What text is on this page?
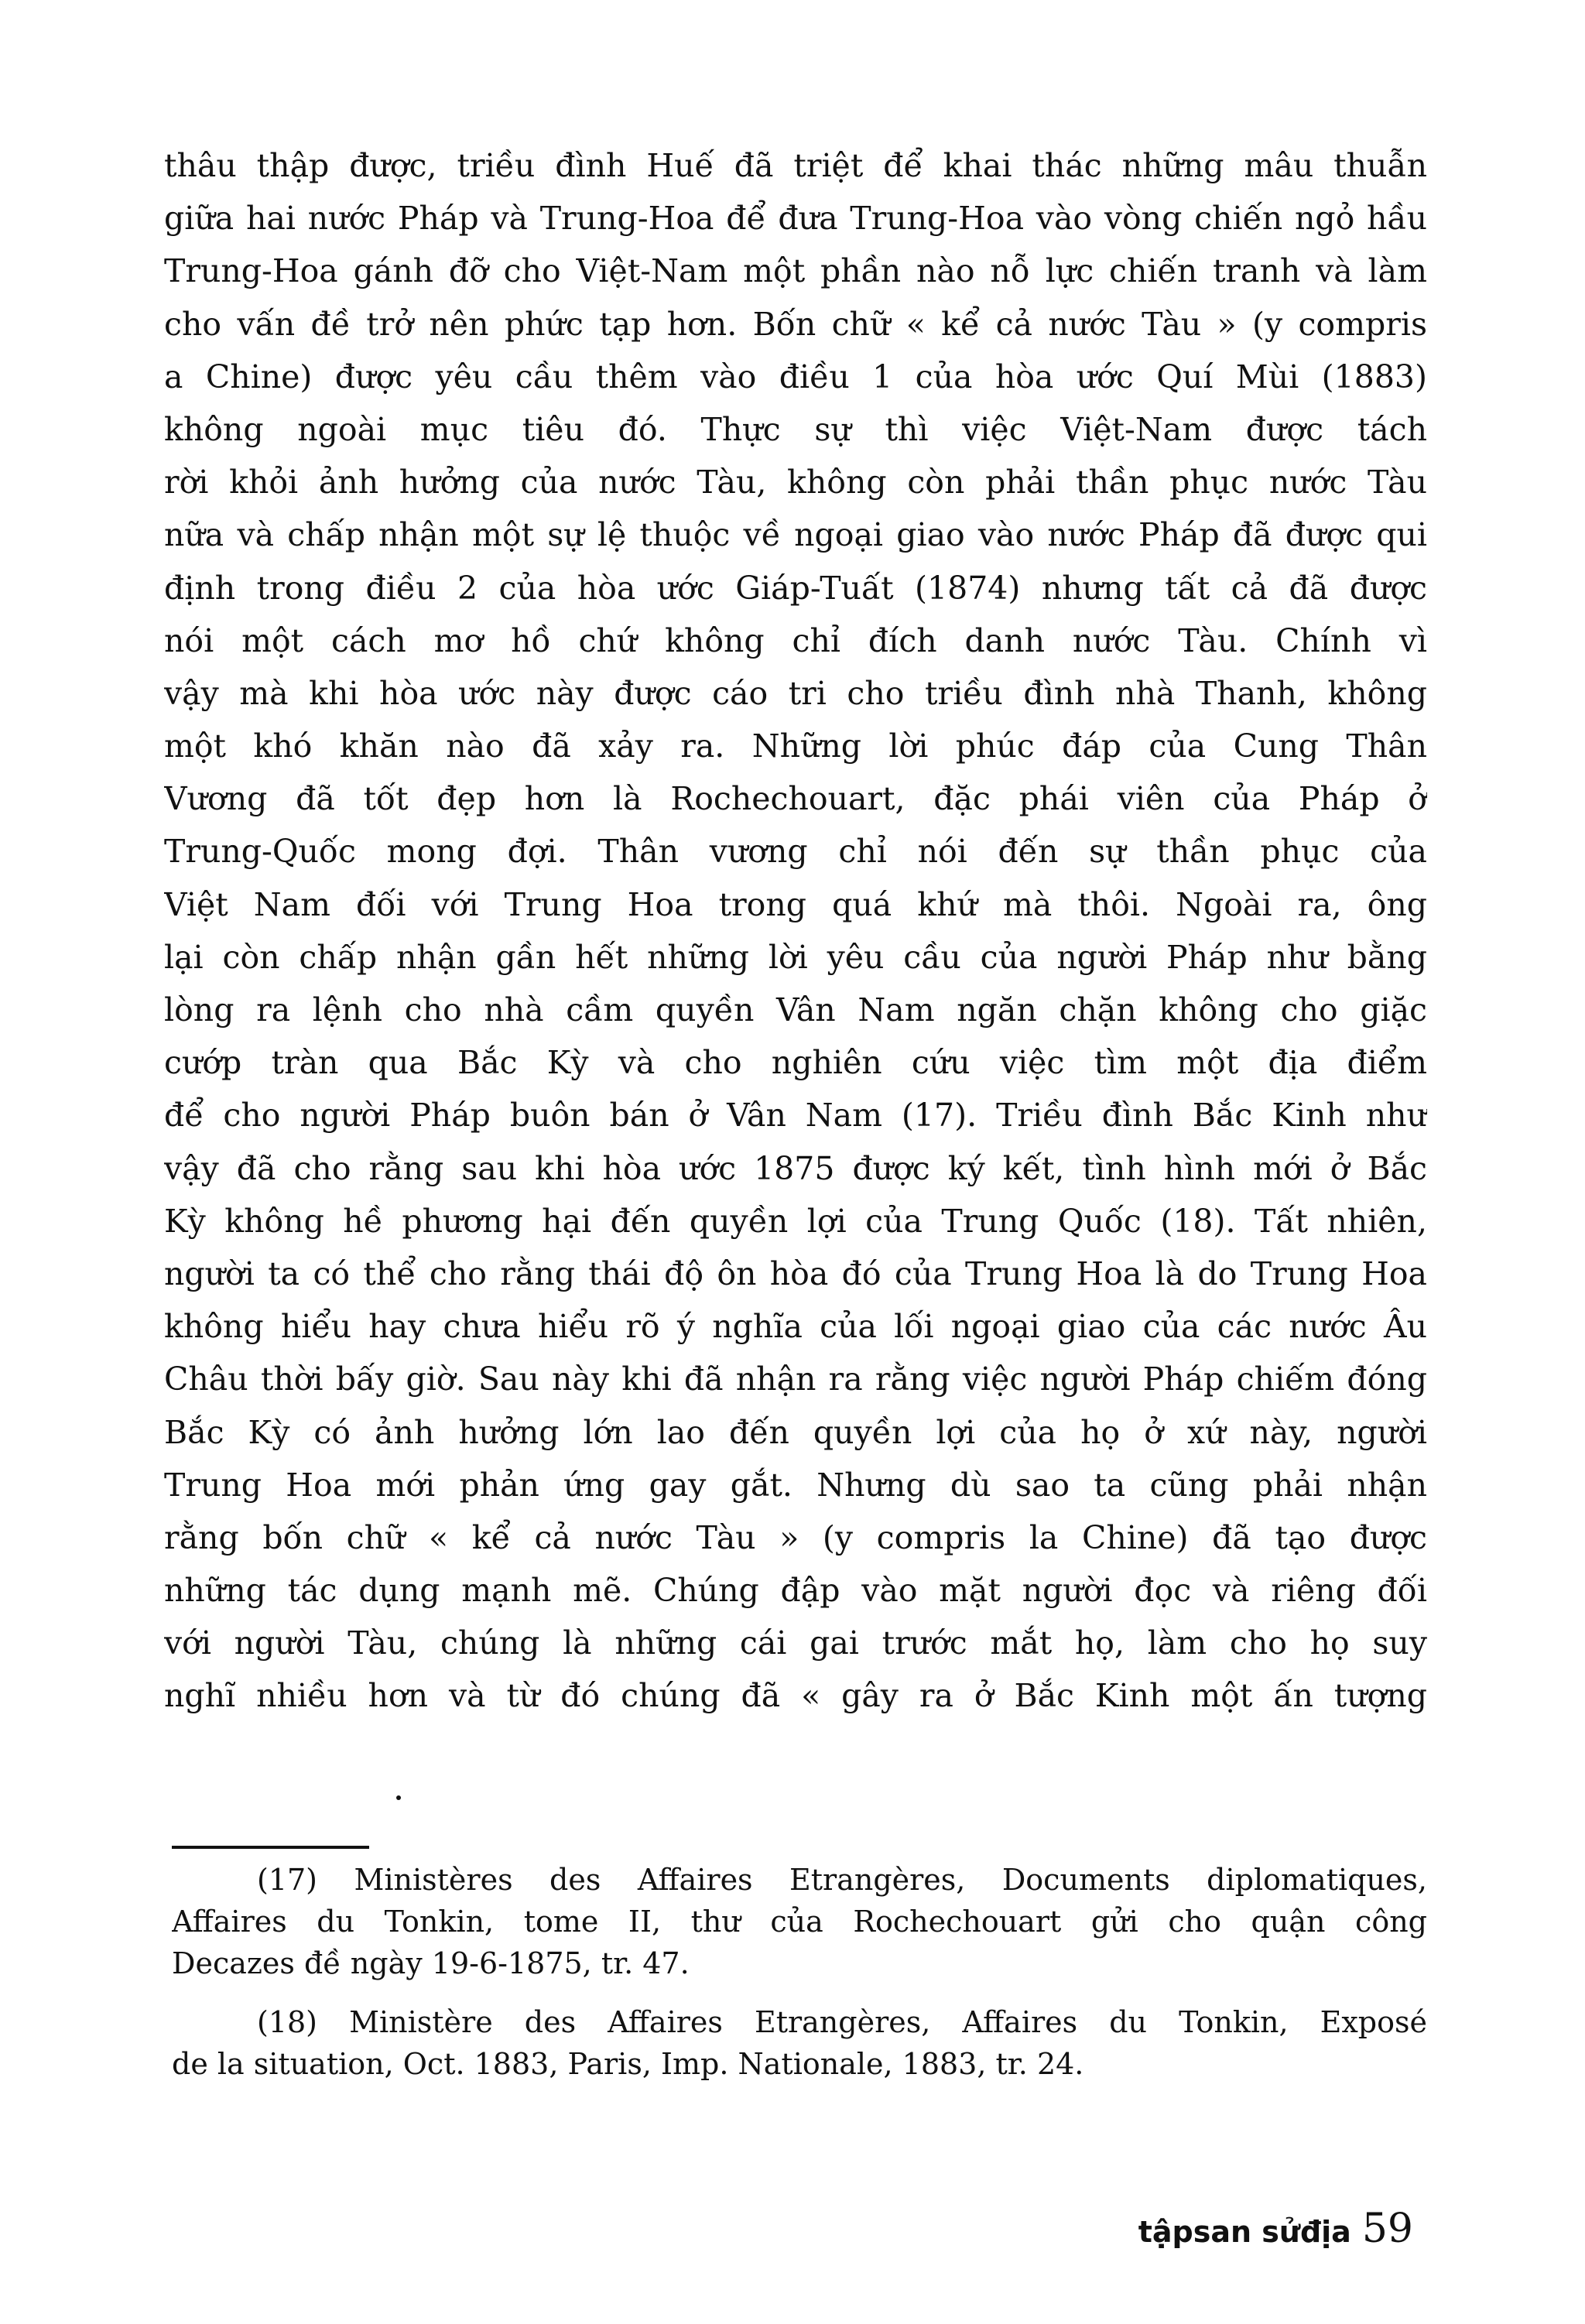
thâu thập được, triều đình Huế đã triệt để khai thác những mâu thuẫn
giữa hai nước Pháp và Trung-Hoa để đưa Trung-Hoa vào vòng chiến ngỏ hầu
Trung-Hoa gánh đỡ cho Việt-Nam một phần nào nỗ lực chiến tranh và làm
cho vấn đề trở nên phức tạp hơn. Bốn chữ « kể cả nước Tàu » (y compris
a Chine) được yêu cầu thêm vào điều 1 của hòa ước Quí Mùi (1883)
không ngoài mục tiêu đó. Thực sự thì việc Việt-Nam được tách
rời khỏi ảnh hưởng của nước Tàu, không còn phải thần phục nước Tàu
nữa và chấp nhận một sự lệ thuộc về ngoại giao vào nước Pháp đã được qui
định trong điều 2 của hòa ước Giáp-Tuất (1874) nhưng tất cả đã được
nói một cách mơ hồ chứ không chỉ đích danh nước Tàu. Chính vì
vậy mà khi hòa ước này được cáo tri cho triều đình nhà Thanh, không
một khó khăn nào đã xảy ra. Những lời phúc đáp của Cung Thân
Vương đã tốt đẹp hơn là Rochechouart, đặc phái viên của Pháp ở
Trung-Quốc mong đợi. Thân vương chỉ nói đến sự thần phục của
Việt Nam đối với Trung Hoa trong quá khứ mà thôi. Ngoài ra, ông
lại còn chấp nhận gần hết những lời yêu cầu của người Pháp như bằng
lòng ra lệnh cho nhà cầm quyền Vân Nam ngăn chặn không cho giặc
cướp tràn qua Bắc Kỳ và cho nghiên cứu việc tìm một địa điểm
để cho người Pháp buôn bán ở Vân Nam (17). Triều đình Bắc Kinh như
vậy đã cho rằng sau khi hòa ước 1875 được ký kết, tình hình mới ở Bắc
Kỳ không hề phương hại đến quyền lợi của Trung Quốc (18). Tất nhiên,
người ta có thể cho rằng thái độ ôn hòa đó của Trung Hoa là do Trung Hoa
không hiểu hay chưa hiểu rõ ý nghĩa của lối ngoại giao của các nước Âu
Châu thời bấy giờ. Sau này khi đã nhận ra rằng việc người Pháp chiếm đóng
Bắc Kỳ có ảnh hưởng lớn lao đến quyền lợi của họ ở xứ này, người
Trung Hoa mới phản ứng gay gắt. Nhưng dù sao ta cũng phải nhận
rằng bốn chữ « kể cả nước Tàu » (y compris la Chine) đã tạo được
những tác dụng mạnh mẽ. Chúng đập vào mặt người đọc và riêng đối
với người Tàu, chúng là những cái gai trước mắt họ, làm cho họ suy
nghĩ nhiều hơn và từ đó chúng đã « gây ra ở Bắc Kinh một ấn tượng
(17) Ministères des Affaires Etrangères, Documents diplomatiques,
Affaires du Tonkin, tome II, thư của Rochechouart gửi cho quận công
Decazes đề ngày 19-6-1875, tr. 47.
(18) Ministère des Affaires Etrangères, Affaires du Tonkin, Exposé
de la situation, Oct. 1883, Paris, Imp. Nationale, 1883, tr. 24.
tậpsan sửđịa 59
